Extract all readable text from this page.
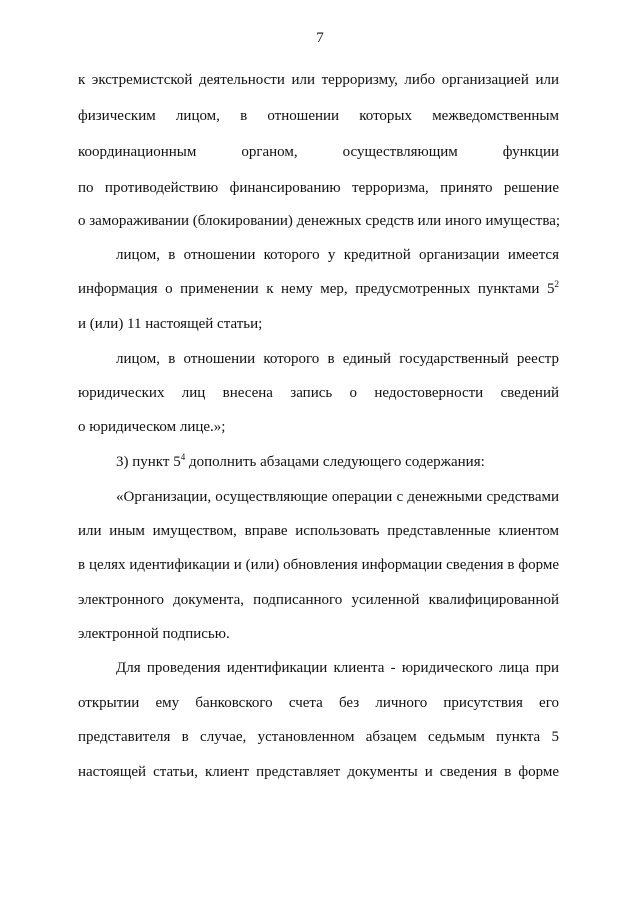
7
к экстремистской деятельности или терроризму, либо организацией или
физическим лицом, в отношении которых межведомственным
координационным органом, осуществляющим функции
по противодействию финансированию терроризма, принято решение
о замораживании (блокировании) денежных средств или иного имущества;
лицом, в отношении которого у кредитной организации имеется
информация о применении к нему мер, предусмотренных пунктами $5^2$
и (или) 11 настоящей статьи;
лицом, в отношении которого в единый государственный реестр
юридических лиц внесена запись о недостоверности сведений
о юридическом лице.»;
3) пункт $5^4$ дополнить абзацами следующего содержания:
«Организации, осуществляющие операции с денежными средствами
или иным имуществом, вправе использовать представленные клиентом
в целях идентификации и (или) обновления информации сведения в форме
электронного документа, подписанного усиленной квалифицированной
электронной подписью.
Для проведения идентификации клиента - юридического лица при
открытии ему банковского счета без личного присутствия его
представителя в случае, установленном абзацем седьмым пункта 5
настоящей статьи, клиент представляет документы и сведения в форме
